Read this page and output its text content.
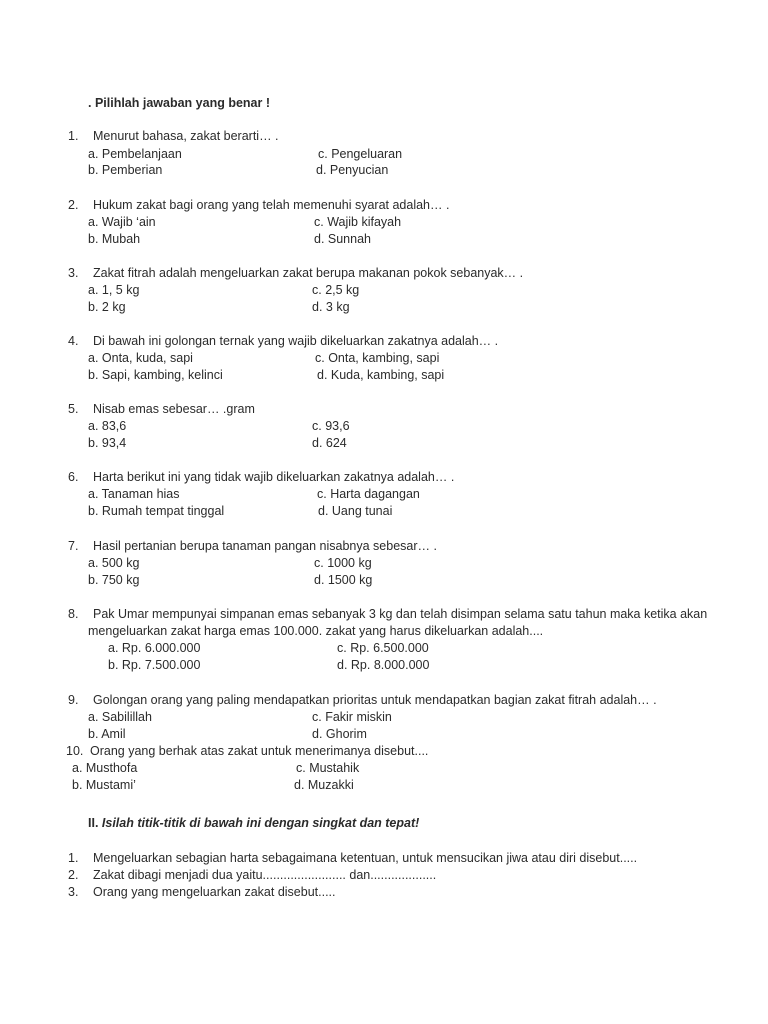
. Pilihlah jawaban yang benar !
1. Menurut bahasa, zakat berarti… .
a. Pembelanjaan	c. Pengeluaran
b. Pemberian	d. Penyucian
2. Hukum zakat bagi orang yang telah memenuhi syarat adalah… .
a. Wajib ‘ain	c. Wajib kifayah
b. Mubah	d. Sunnah
3. Zakat fitrah adalah mengeluarkan zakat berupa makanan pokok sebanyak… .
a. 1, 5 kg	c. 2,5 kg
b. 2 kg	d. 3 kg
4. Di bawah ini golongan ternak yang wajib dikeluarkan zakatnya adalah… .
a. Onta, kuda, sapi	c. Onta, kambing, sapi
b. Sapi, kambing, kelinci	d. Kuda, kambing, sapi
5. Nisab emas sebesar… .gram
a. 83,6	c. 93,6
b. 93,4	d. 624
6. Harta berikut ini yang tidak wajib dikeluarkan zakatnya adalah… .
a. Tanaman hias	c. Harta dagangan
b. Rumah tempat tinggal	d. Uang tunai
7. Hasil pertanian berupa tanaman pangan nisabnya sebesar… .
a. 500 kg	c. 1000 kg
b. 750 kg	d. 1500 kg
8. Pak Umar mempunyai simpanan emas sebanyak 3 kg dan telah disimpan selama satu tahun maka ketika akan
mengeluarkan zakat harga emas 100.000. zakat yang harus dikeluarkan adalah....
a. Rp. 6.000.000	c. Rp. 6.500.000
b. Rp. 7.500.000	d. Rp. 8.000.000
9. Golongan orang yang paling mendapatkan prioritas untuk mendapatkan bagian zakat fitrah adalah… .
a. Sabilillah	c. Fakir miskin
b. Amil	d. Ghorim
10. Orang yang berhak atas zakat untuk menerimanya disebut....
a. Musthofa	c. Mustahik
b. Mustami’	d. Muzakki
II. Isilah titik-titik di bawah ini dengan singkat dan tepat!
1. Mengeluarkan sebagian harta sebagaimana ketentuan, untuk mensucikan jiwa atau diri disebut.....
2. Zakat dibagi menjadi dua yaitu........................ dan...................
3. Orang yang mengeluarkan zakat disebut.....
